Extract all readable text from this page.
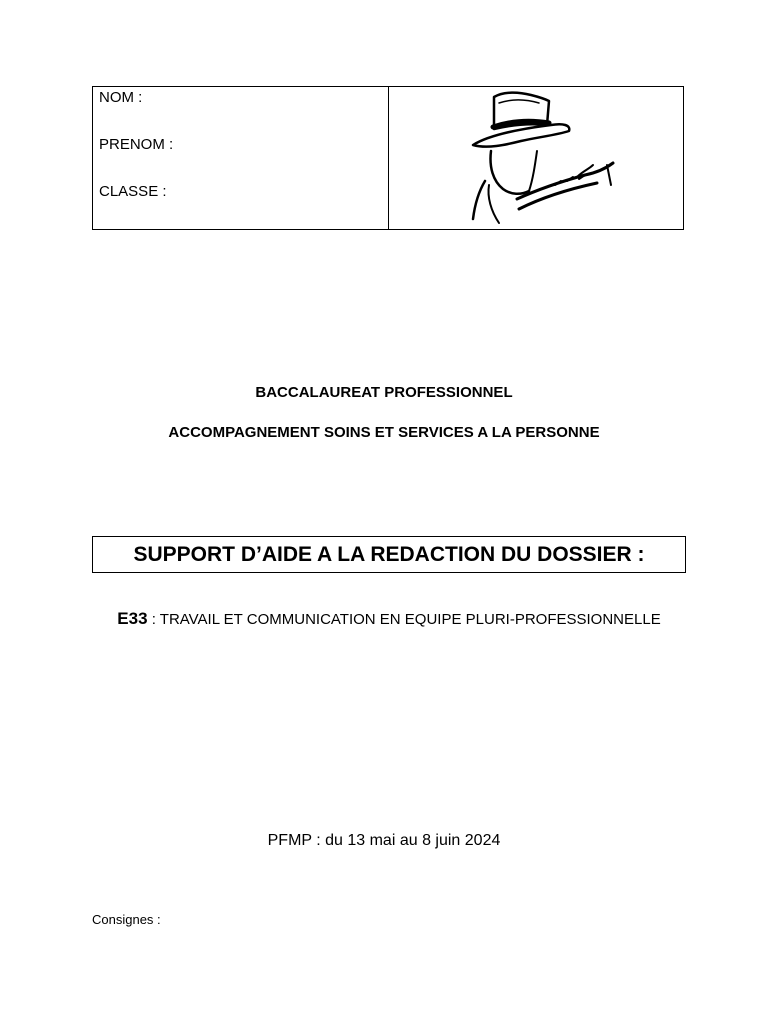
NOM :
PRENOM :
CLASSE :
BACCALAUREAT PROFESSIONNEL
ACCOMPAGNEMENT SOINS ET SERVICES A LA PERSONNE
SUPPORT D’AIDE A LA REDACTION DU DOSSIER :
E33 : TRAVAIL ET COMMUNICATION EN EQUIPE PLURI-PROFESSIONNELLE
PFMP : du 13 mai au 8 juin 2024
Consignes :
